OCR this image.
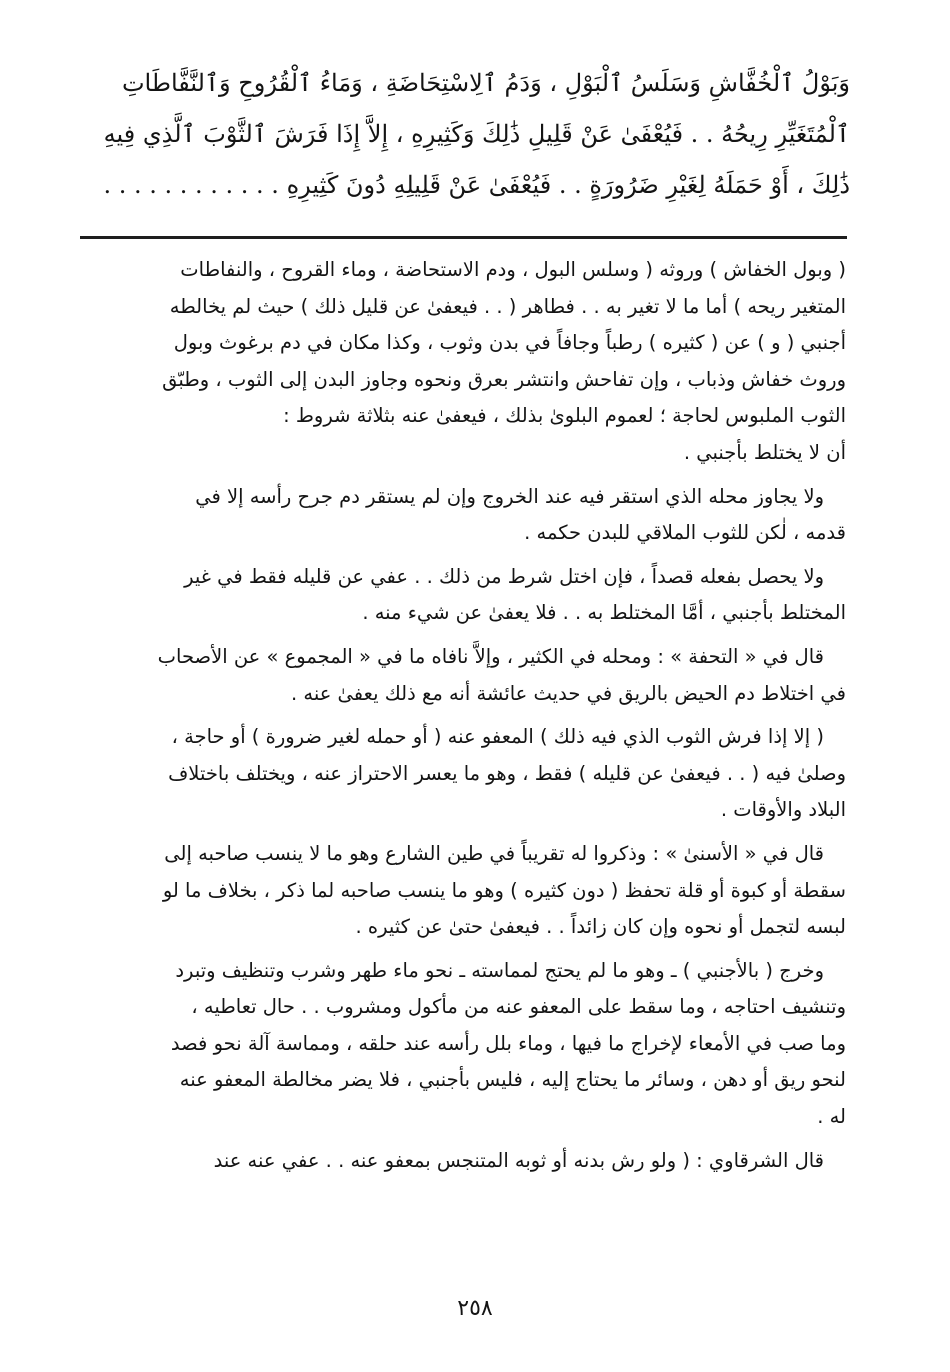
وَبَوْلُ ٱلْخُفَّاشِ وَسَلَسُ ٱلْبَوْلِ ، وَدَمُ ٱلِاسْتِحَاضَةِ ، وَمَاءُ ٱلْقُرُوحِ وَٱلنَّفَّاطَاتِ
ٱلْمُتَغَيِّرِ رِيحُهُ . . فَيُعْفَىٰ عَنْ قَلِيلِ ذَٰلِكَ وَكَثِيرِهِ ، إِلاَّ إِذَا فَرَشَ ٱلثَّوْبَ ٱلَّذِي فِيهِ
ذَٰلِكَ ، أَوْ حَمَلَهُ لِغَيْرِ ضَرُورَةٍ . . فَيُعْفَىٰ عَنْ قَلِيلِهِ دُونَ كَثِيرِهِ . . . . . . . . . . . .
( وبول الخفاش ) وروثه ( وسلس البول ، ودم الاستحاضة ، وماء القروح ، والنفاطات
المتغير ريحه ) أما ما لا تغير به . . فطاهر ( . . فيعفىٰ عن قليل ذلك ) حيث لم يخالطه
أجنبي ( و ) عن ( كثيره ) رطباً وجافاً في بدن وثوب ، وكذا مكان في دم برغوث وبول
وروث خفاش وذباب ، وإن تفاحش وانتشر بعرق ونحوه وجاوز البدن إلى الثوب ، وطبّق
الثوب الملبوس لحاجة ؛ لعموم البلوىٰ بذلك ، فيعفىٰ عنه بثلاثة شروط :
أن لا يختلط بأجنبي .
ولا يجاوز محله الذي استقر فيه عند الخروج وإن لم يستقر دم جرح رأسه إلا في
قدمه ، لٰكن للثوب الملاقي للبدن حكمه .
ولا يحصل بفعله قصداً ، فإن اختل شرط من ذلك . . عفي عن قليله فقط في غير
المختلط بأجنبي ، أمَّا المختلط به . . فلا يعفىٰ عن شيء منه .
قال في « التحفة » : ومحله في الكثير ، وإلاَّ نافاه ما في « المجموع » عن الأصحاب
في اختلاط دم الحيض بالريق في حديث عائشة أنه مع ذلك يعفىٰ عنه .
( إلا إذا فرش الثوب الذي فيه ذلك ) المعفو عنه ( أو حمله لغير ضرورة ) أو حاجة ،
وصلىٰ فيه ( . . فيعفىٰ عن قليله ) فقط ، وهو ما يعسر الاحتراز عنه ، ويختلف باختلاف
البلاد والأوقات .
قال في « الأسنىٰ » : وذكروا له تقريباً في طين الشارع وهو ما لا ينسب صاحبه إلى
سقطة أو كبوة أو قلة تحفظ ( دون كثيره ) وهو ما ينسب صاحبه لما ذكر ، بخلاف ما لو
لبسه لتجمل أو نحوه وإن كان زائداً . . فيعفىٰ حتىٰ عن كثيره .
وخرج ( بالأجنبي ) ـ وهو ما لم يحتج لمماسته ـ نحو ماء طهر وشرب وتنظيف وتبرد
وتنشيف احتاجه ، وما سقط على المعفو عنه من مأكول ومشروب . . حال تعاطيه ،
وما صب في الأمعاء لإخراج ما فيها ، وماء بلل رأسه عند حلقه ، ومماسة آلة نحو فصد
لنحو ريق أو دهن ، وسائر ما يحتاج إليه ، فليس بأجنبي ، فلا يضر مخالطة المعفو عنه
له .
قال الشرقاوي : ( ولو رش بدنه أو ثوبه المتنجس بمعفو عنه . . عفي عنه عند
٢٥٨
